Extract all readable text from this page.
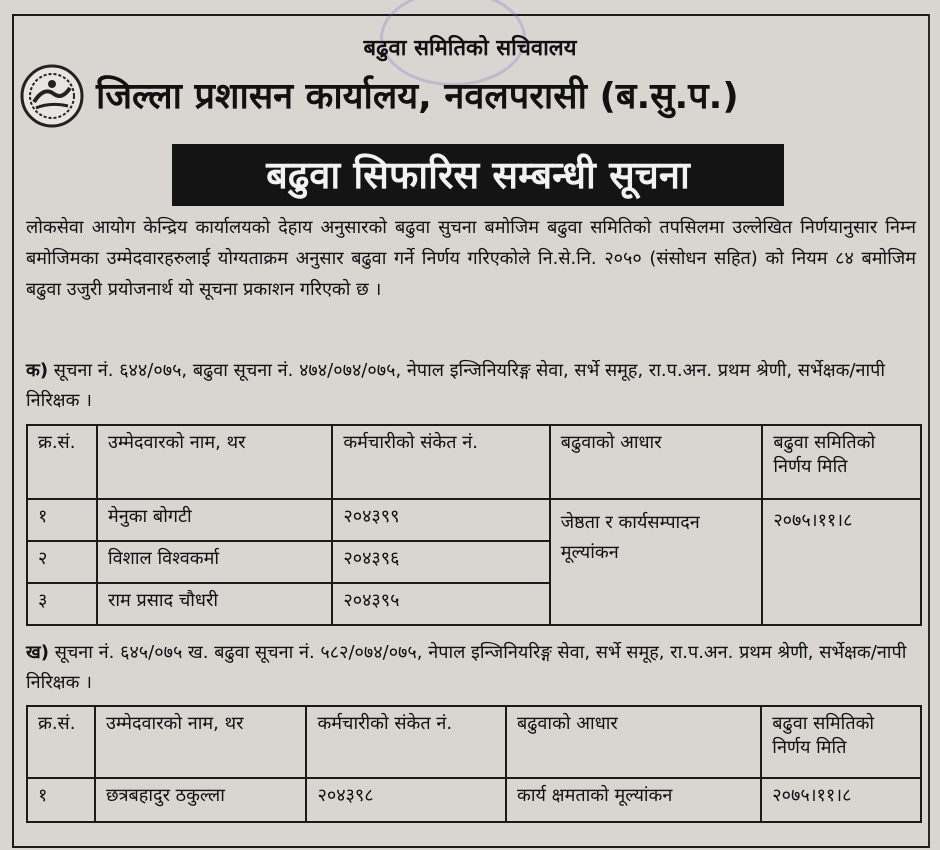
बढुवा समितिको सचिवालय
जिल्ला प्रशासन कार्यालय, नवलपरासी (ब.सु.प.)
बढुवा सिफारिस सम्बन्धी सूचना
लोकसेवा आयोग केन्द्रिय कार्यालयको देहाय अनुसारको बढुवा सुचना बमोजिम बढुवा समितिको तपसिलमा उल्लेखित निर्णयानुसार निम्न बमोजिमका उम्मेदवारहरुलाई योग्यताक्रम अनुसार बढुवा गर्ने निर्णय गरिएकोले नि.से.नि. २०५० (संसोधन सहित) को नियम ८४ बमोजिम बढुवा उजुरी प्रयोजनार्थ यो सूचना प्रकाशन गरिएको छ ।
क) सूचना नं. ६४४/०७५, बढुवा सूचना नं. ४७४/०७४/०७५, नेपाल इन्जिनियरिङ्ग सेवा, सर्भे समूह, रा.प.अन. प्रथम श्रेणी, सर्भेक्षक/नापी निरिक्षक ।
क्र.सं.	उम्मेदवारको नाम, थर	कर्मचारीको संकेत नं.	बढुवाको आधार	बढुवा समितिको निर्णय मिति
१	मेनुका बोगटी	२०४३९९	जेष्ठता र कार्यसम्पादन मूल्यांकन	२०७५।११।८
२	विशाल विश्वकर्मा	२०४३९६		
३	राम प्रसाद चौधरी	२०४३९५		
ख) सूचना नं. ६४५/०७५ ख. बढुवा सूचना नं. ५८२/०७४/०७५, नेपाल इन्जिनियरिङ्ग सेवा, सर्भे समूह, रा.प.अन. प्रथम श्रेणी, सर्भेक्षक/नापी निरिक्षक ।
क्र.सं.	उम्मेदवारको नाम, थर	कर्मचारीको संकेत नं.	बढुवाको आधार	बढुवा समितिको निर्णय मिति
१	छत्रबहादुर ठकुल्ला	२०४३९८	कार्य क्षमताको मूल्यांकन	२०७५।११।८
